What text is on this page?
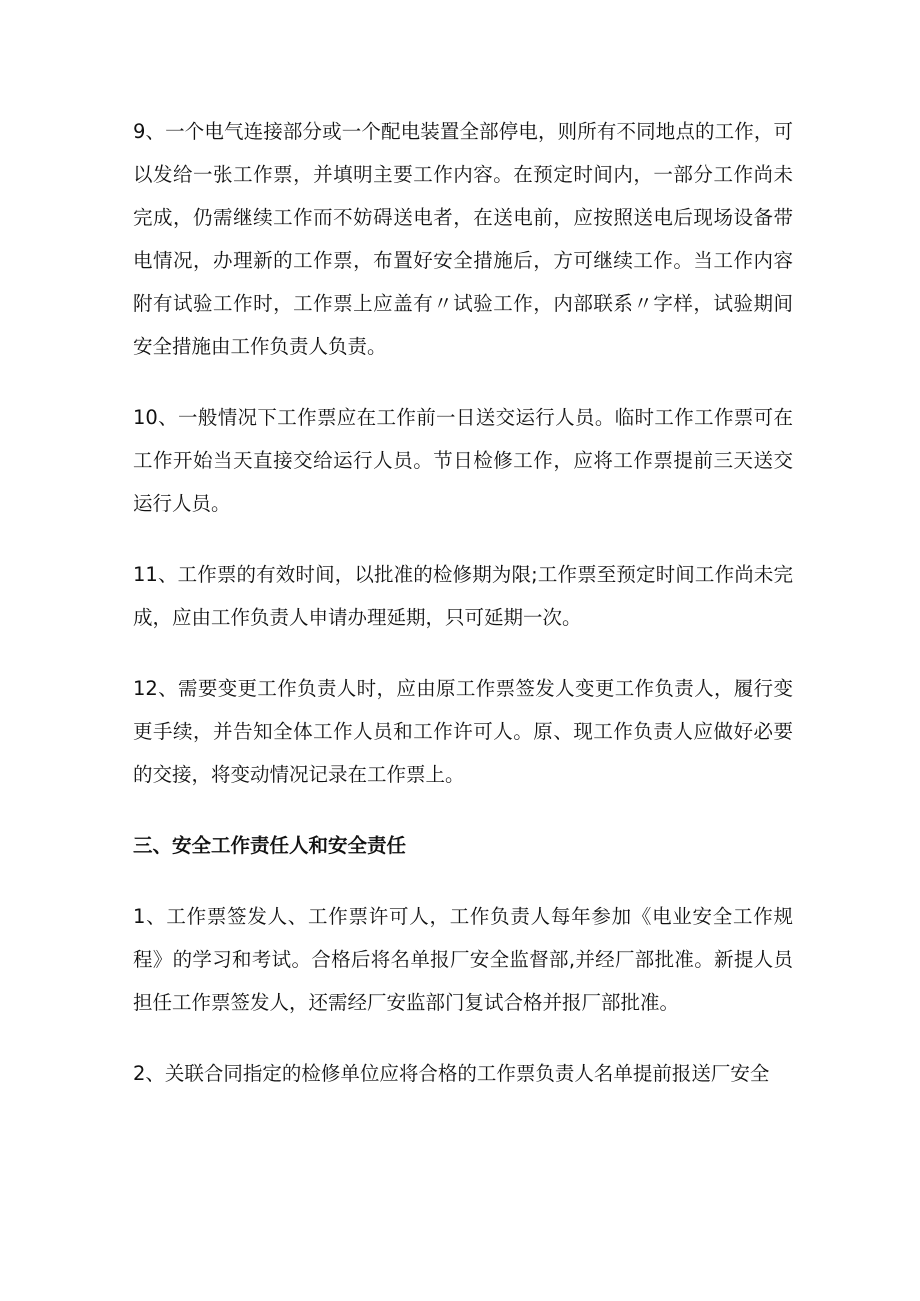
9、一个电气连接部分或一个配电装置全部停电，则所有不同地点的工作，可以发给一张工作票，并填明主要工作内容。在预定时间内，一部分工作尚未完成，仍需继续工作而不妨碍送电者，在送电前，应按照送电后现场设备带电情况，办理新的工作票，布置好安全措施后，方可继续工作。当工作内容附有试验工作时，工作票上应盖有〃试验工作，内部联系〃字样，试验期间安全措施由工作负责人负责。

10、一般情况下工作票应在工作前一日送交运行人员。临时工作工作票可在工作开始当天直接交给运行人员。节日检修工作，应将工作票提前三天送交运行人员。

11、工作票的有效时间，以批准的检修期为限;工作票至预定时间工作尚未完成，应由工作负责人申请办理延期，只可延期一次。

12、需要变更工作负责人时，应由原工作票签发人变更工作负责人，履行变更手续，并告知全体工作人员和工作许可人。原、现工作负责人应做好必要的交接，将变动情况记录在工作票上。

三、安全工作责任人和安全责任

1、工作票签发人、工作票许可人，工作负责人每年参加《电业安全工作规程》的学习和考试。合格后将名单报厂安全监督部,并经厂部批准。新提人员担任工作票签发人，还需经厂安监部门复试合格并报厂部批准。

2、关联合同指定的检修单位应将合格的工作票负责人名单提前报送厂安全
